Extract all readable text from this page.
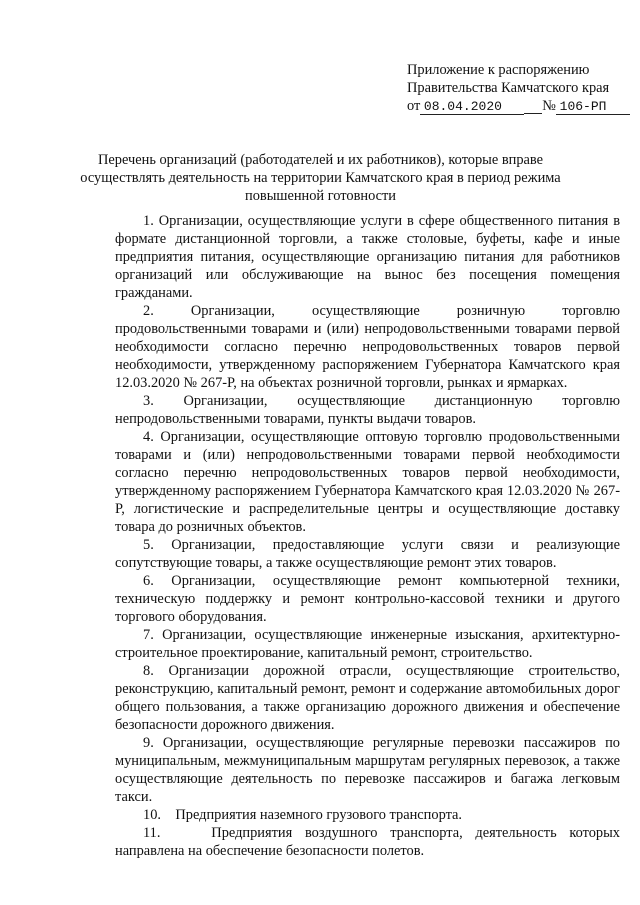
Приложение к распоряжению
Правительства Камчатского края
от 08.04.2020	№ 106-РП
Перечень организаций (работодателей и их работников), которые вправе осуществлять деятельность на территории Камчатского края в период режима повышенной готовности

1. Организации, осуществляющие услуги в сфере общественного питания в формате дистанционной торговли, а также столовые, буфеты, кафе и иные предприятия питания, осуществляющие организацию питания для работников организаций или обслуживающие на вынос без посещения помещения гражданами.

2. Организации, осуществляющие розничную торговлю продовольственными товарами и (или) непродовольственными товарами первой необходимости согласно перечню непродовольственных товаров первой необходимости, утвержденному распоряжением Губернатора Камчатского края 12.03.2020 № 267-Р, на объектах розничной торговли, рынках и ярмарках.

3. Организации, осуществляющие дистанционную торговлю непродовольственными товарами, пункты выдачи товаров.

4. Организации, осуществляющие оптовую торговлю продовольственными товарами и (или) непродовольственными товарами первой необходимости согласно перечню непродовольственных товаров первой необходимости, утвержденному распоряжением Губернатора Камчатского края 12.03.2020 № 267-Р, логистические и распределительные центры и осуществляющие доставку товара до розничных объектов.

5. Организации, предоставляющие услуги связи и реализующие сопутствующие товары, а также осуществляющие ремонт этих товаров.

6. Организации, осуществляющие ремонт компьютерной техники, техническую поддержку и ремонт контрольно-кассовой техники и другого торгового оборудования.

7. Организации, осуществляющие инженерные изыскания, архитектурно-строительное проектирование, капитальный ремонт, строительство.

8. Организации дорожной отрасли, осуществляющие строительство, реконструкцию, капитальный ремонт, ремонт и содержание автомобильных дорог общего пользования, а также организацию дорожного движения и обеспечение безопасности дорожного движения.

9. Организации, осуществляющие регулярные перевозки пассажиров по муниципальным, межмуниципальным маршрутам регулярных перевозок, а также осуществляющие деятельность по перевозке пассажиров и багажа легковым такси.

10.    Предприятия наземного грузового транспорта.

11.    Предприятия воздушного транспорта, деятельность которых направлена на обеспечение безопасности полетов.
